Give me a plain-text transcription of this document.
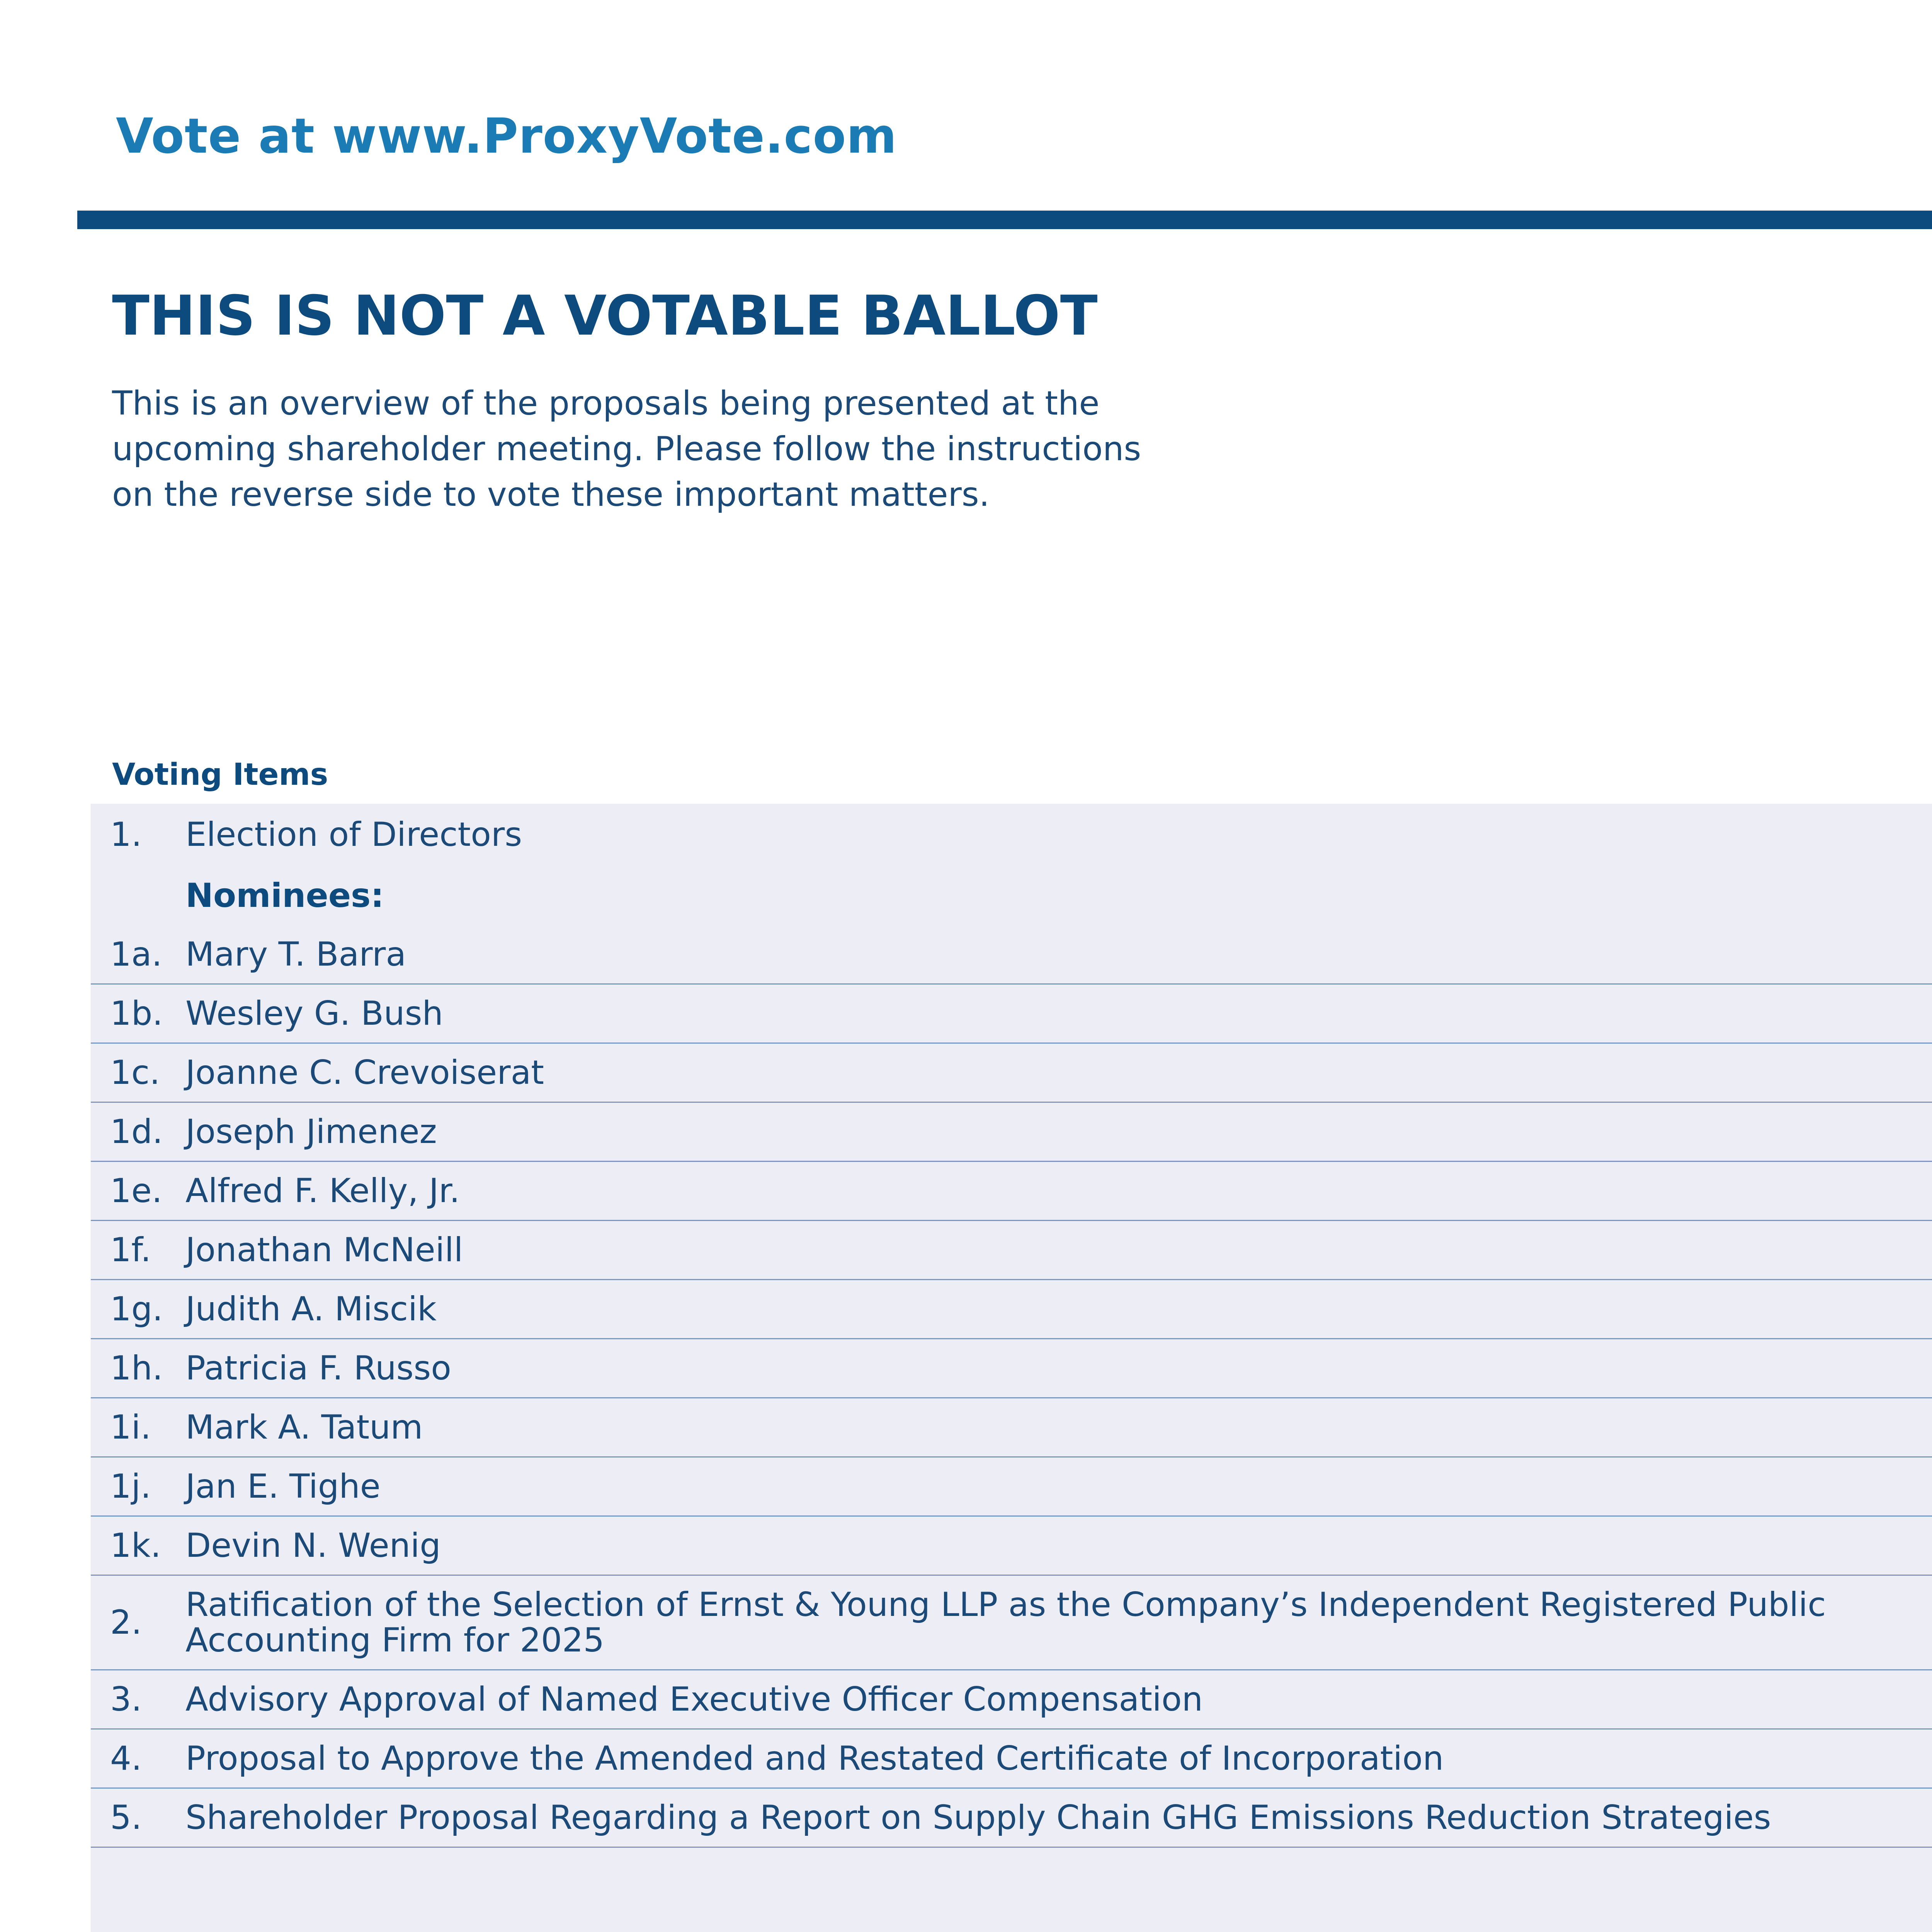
Vote at www.ProxyVote.com
THIS IS NOT A VOTABLE BALLOT
This is an overview of the proposals being presented at the upcoming shareholder meeting. Please follow the instructions on the reverse side to vote these important matters.
Voting Items
1. Election of Directors
Nominees:
1a. Mary T. Barra
1b. Wesley G. Bush
1c. Joanne C. Crevoiserat
1d. Joseph Jimenez
1e. Alfred F. Kelly, Jr.
1f. Jonathan McNeill
1g. Judith A. Miscik
1h. Patricia F. Russo
1i. Mark A. Tatum
1j. Jan E. Tighe
1k. Devin N. Wenig
2. Ratification of the Selection of Ernst & Young LLP as the Company’s Independent Registered Public Accounting Firm for 2025
3. Advisory Approval of Named Executive Officer Compensation
4. Proposal to Approve the Amended and Restated Certificate of Incorporation
5. Shareholder Proposal Regarding a Report on Supply Chain GHG Emissions Reduction Strategies
